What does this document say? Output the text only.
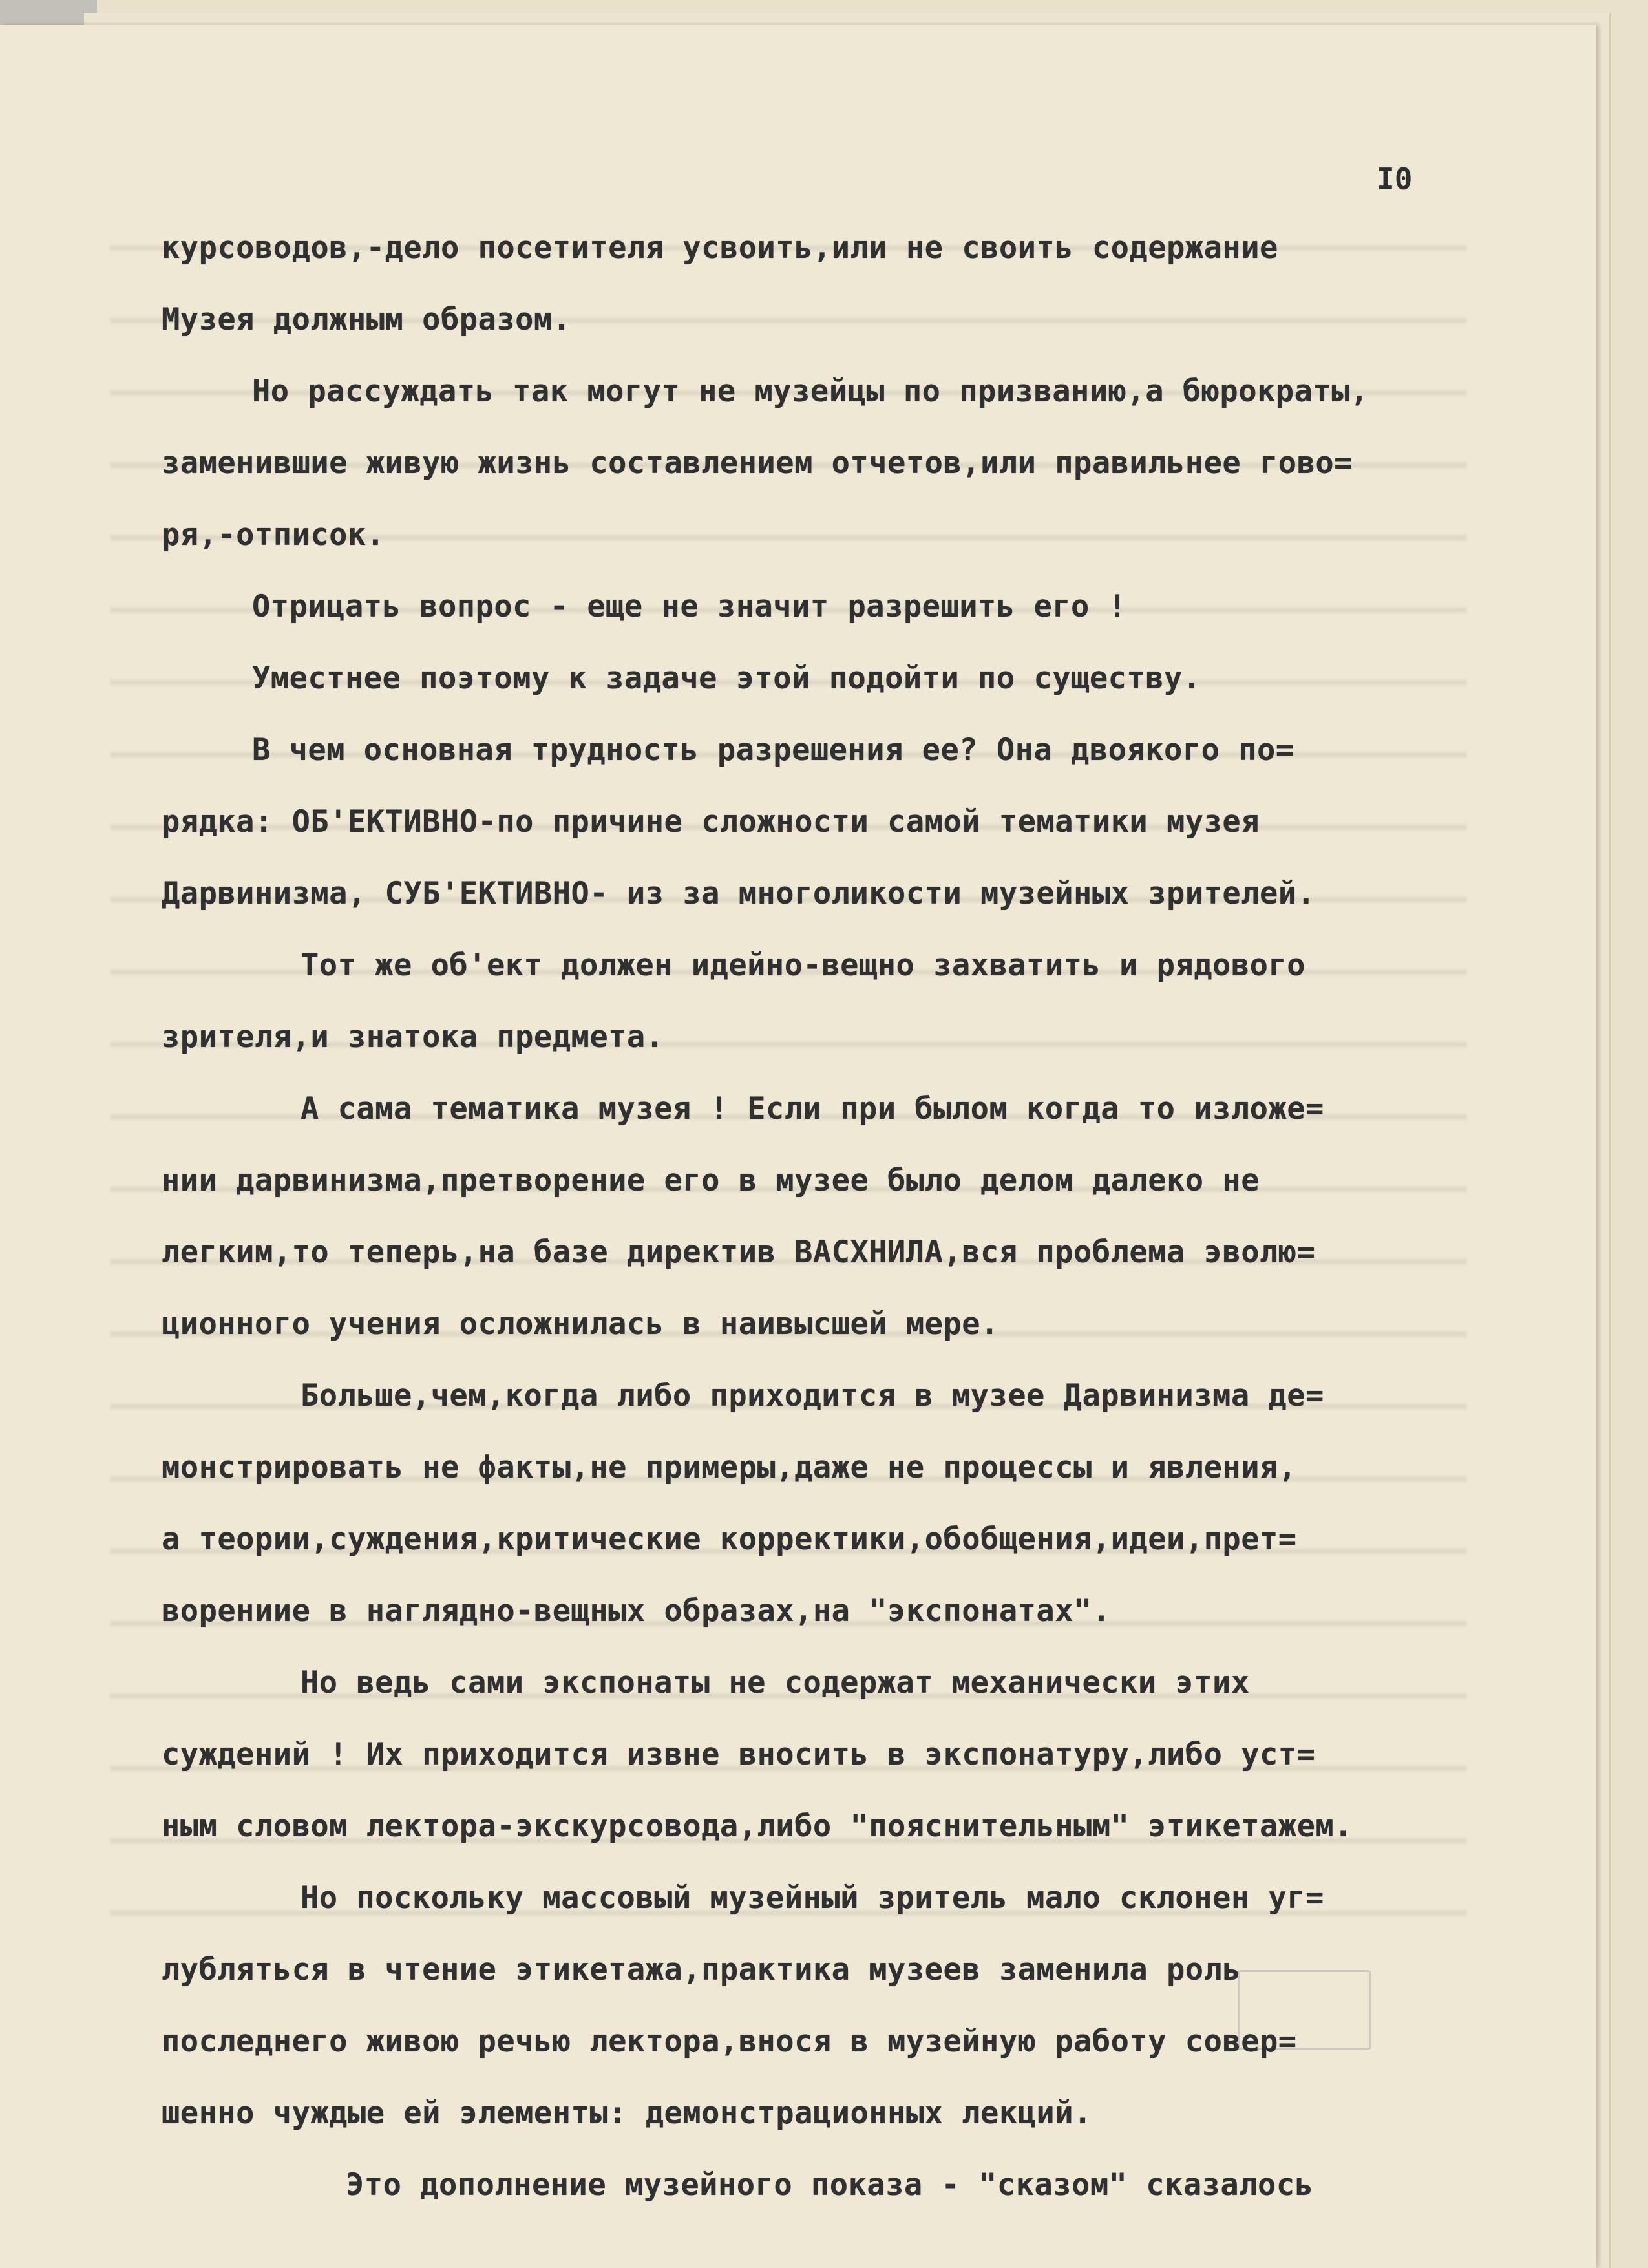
I0
курсоводов,-дело посетителя усвоить,или не своить содержание
Музея должным образом.
Но рассуждать так могут не музейцы по призванию,а бюрократы,
заменившие живую жизнь составлением отчетов,или правильнее гово=
ря,-отписок.
Отрицать вопрос - еще не значит разрешить его !
Уместнее поэтому к задаче этой подойти по существу.
В чем основная трудность разрешения ее? Она двоякого по=
рядка: ОБ'ЕКТИВНО-по причине сложности самой тематики музея
Дарвинизма, СУБ'ЕКТИВНО- из за многоликости музейных зрителей.
Тот же об'ект должен идейно-вещно захватить и рядового
зрителя,и знатока предмета.
А сама тематика музея ! Если при былом когда то изложе=
нии дарвинизма,претворение его в музее было делом далеко не
легким,то теперь,на базе директив ВАСХНИЛА,вся проблема эволю=
ционного учения осложнилась в наивысшей мере.
Больше,чем,когда либо приходится в музее Дарвинизма де=
монстрировать не факты,не примеры,даже не процессы и явления,
а теории,суждения,критические корректики,обобщения,идеи,прет=
ворениие в наглядно-вещных образах,на "экспонатах".
Но ведь сами экспонаты не содержат механически этих
суждений ! Их приходится извне вносить в экспонатуру,либо уст=
ным словом лектора-экскурсовода,либо "пояснительным" этикетажем.
Но поскольку массовый музейный зритель мало склонен уг=
лубляться в чтение этикетажа,практика музеев заменила роль
последнего живою речью лектора,внося в музейную работу совер=
шенно чуждые ей элементы: демонстрационных лекций.
Это дополнение музейного показа - "сказом" сказалось
